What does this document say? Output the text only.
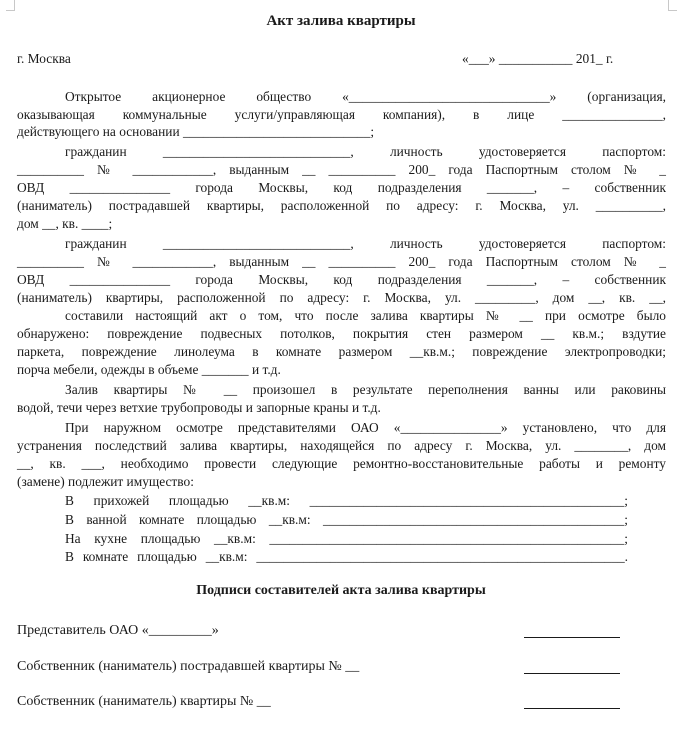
Акт залива квартиры
г. Москва	«___» ___________ 201_ г.
Открытое акционерное общество «______________________________» (организация,
оказывающая коммунальные услуги/управляющая компания), в лице _______________,
действующего на основании ____________________________;
гражданин ____________________________, личность удостоверяется паспортом:
__________ № ____________, выданным __ __________ 200_ года Паспортным столом № _
ОВД _______________ города Москвы, код подразделения _______, – собственник
(наниматель) пострадавшей квартиры, расположенной по адресу: г. Москва, ул. __________,
дом __, кв. ____;
гражданин ____________________________, личность удостоверяется паспортом:
__________ № ____________, выданным __ __________ 200_ года Паспортным столом № _
ОВД _______________ города Москвы, код подразделения _______, – собственник
(наниматель) квартиры, расположенной по адресу: г. Москва, ул. _________, дом __, кв. __,
составили настоящий акт о том, что после залива квартиры № __ при осмотре было
обнаружено: повреждение подвесных потолков, покрытия стен размером __ кв.м.; вздутие
паркета, повреждение линолеума в комнате размером __кв.м.; повреждение электропроводки;
порча мебели, одежды в объеме _______ и т.д.
Залив квартиры № __ произошел в результате переполнения ванны или раковины
водой, течи через ветхие трубопроводы и запорные краны и т.д.
При наружном осмотре представителями ОАО «_______________» установлено, что для
устранения последствий залива квартиры, находящейся по адресу г. Москва, ул. ________, дом
__, кв. ___, необходимо провести следующие ремонтно-восстановительные работы и ремонту
(замене) подлежит имущество:
В прихожей площадью __кв.м: _______________________________________________;
В ванной комнате площадью __кв.м: _____________________________________________;
На кухне площадью __кв.м: _____________________________________________________;
В комнате площадью __кв.м: _______________________________________________________.
Подписи составителей акта залива квартиры
Представитель ОАО «_________»
Собственник (наниматель) пострадавшей квартиры № __
Собственник (наниматель) квартиры № __
